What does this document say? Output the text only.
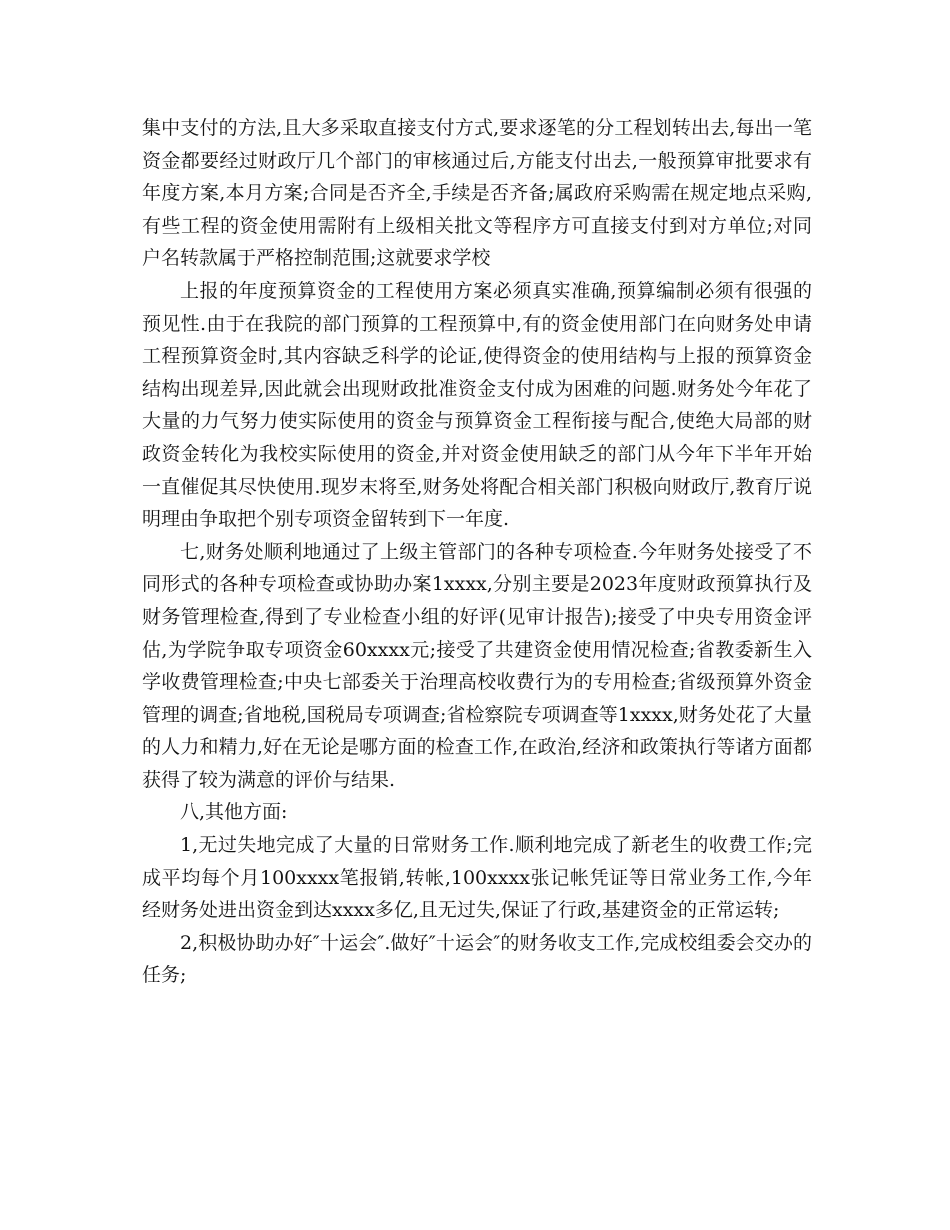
集中支付的方法,且大多采取直接支付方式,要求逐笔的分工程划转出去,每出一笔资金都要经过财政厅几个部门的审核通过后,方能支付出去,一般预算审批要求有年度方案,本月方案;合同是否齐全,手续是否齐备;属政府采购需在规定地点采购,有些工程的资金使用需附有上级相关批文等程序方可直接支付到对方单位;对同户名转款属于严格控制范围;这就要求学校

上报的年度预算资金的工程使用方案必须真实准确,预算编制必须有很强的预见性.由于在我院的部门预算的工程预算中,有的资金使用部门在向财务处申请工程预算资金时,其内容缺乏科学的论证,使得资金的使用结构与上报的预算资金结构出现差异,因此就会出现财政批准资金支付成为困难的问题.财务处今年花了大量的力气努力使实际使用的资金与预算资金工程衔接与配合,使绝大局部的财政资金转化为我校实际使用的资金,并对资金使用缺乏的部门从今年下半年开始一直催促其尽快使用.现岁末将至,财务处将配合相关部门积极向财政厅,教育厅说明理由争取把个别专项资金留转到下一年度.

七,财务处顺利地通过了上级主管部门的各种专项检查.今年财务处接受了不同形式的各种专项检查或协助办案1xxxx,分别主要是2023年度财政预算执行及财务管理检查,得到了专业检查小组的好评(见审计报告);接受了中央专用资金评估,为学院争取专项资金60xxxx元;接受了共建资金使用情况检查;省教委新生入学收费管理检查;中央七部委关于治理高校收费行为的专用检查;省级预算外资金管理的调查;省地税,国税局专项调查;省检察院专项调查等1xxxx,财务处花了大量的人力和精力,好在无论是哪方面的检查工作,在政治,经济和政策执行等诸方面都获得了较为满意的评价与结果.

八,其他方面:

1,无过失地完成了大量的日常财务工作.顺利地完成了新老生的收费工作;完成平均每个月100xxxx笔报销,转帐,100xxxx张记帐凭证等日常业务工作,今年经财务处进出资金到达xxxx多亿,且无过失,保证了行政,基建资金的正常运转;

2,积极协助办好″十运会″.做好″十运会″的财务收支工作,完成校组委会交办的任务;
